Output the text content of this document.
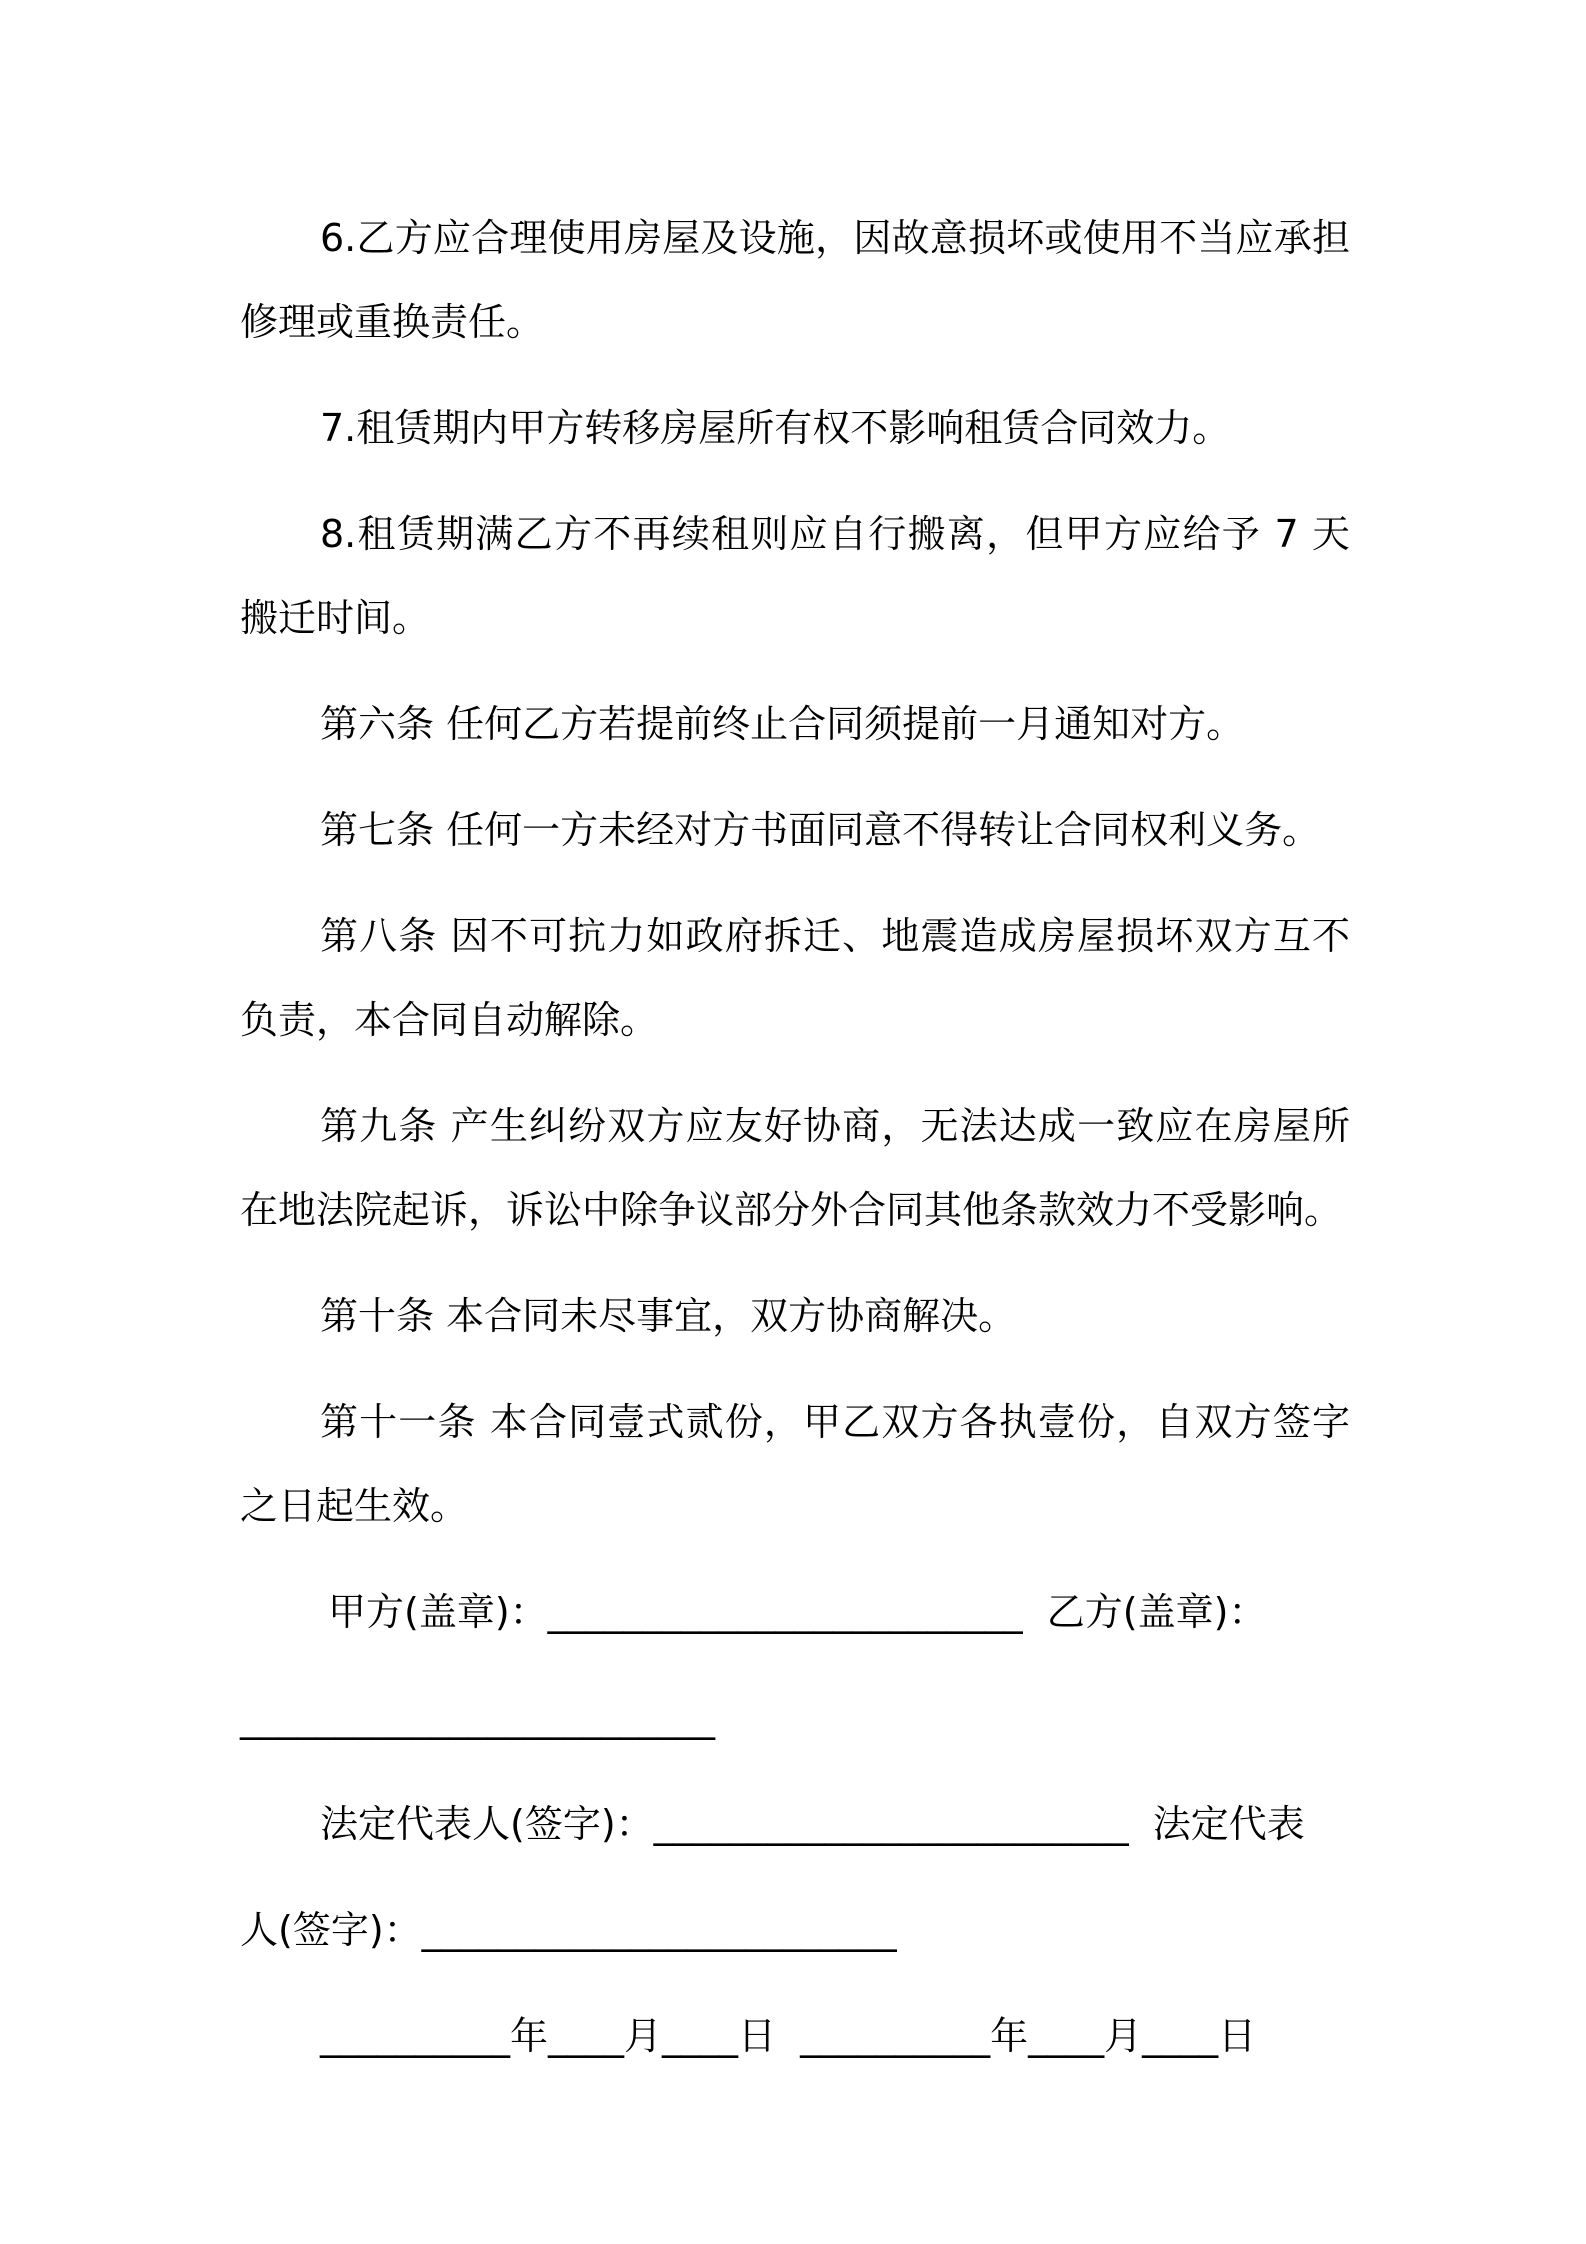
6.乙方应合理使用房屋及设施，因故意损坏或使用不当应承担修理或重换责任。

7.租赁期内甲方转移房屋所有权不影响租赁合同效力。

8.租赁期满乙方不再续租则应自行搬离，但甲方应给予 7 天搬迁时间。

第六条 任何乙方若提前终止合同须提前一月通知对方。

第七条 任何一方未经对方书面同意不得转让合同权利义务。

第八条 因不可抗力如政府拆迁、地震造成房屋损坏双方互不负责，本合同自动解除。

第九条 产生纠纷双方应友好协商，无法达成一致应在房屋所在地法院起诉，诉讼中除争议部分外合同其他条款效力不受影响。

第十条 本合同未尽事宜，双方协商解决。

第十一条 本合同壹式贰份，甲乙双方各执壹份，自双方签字之日起生效。

甲方(盖章)：_________________________  乙方(盖章)：

_________________________

法定代表人(签字)：_________________________  法定代表

人(签字)：_________________________

__________年____月____日  __________年____月____日
